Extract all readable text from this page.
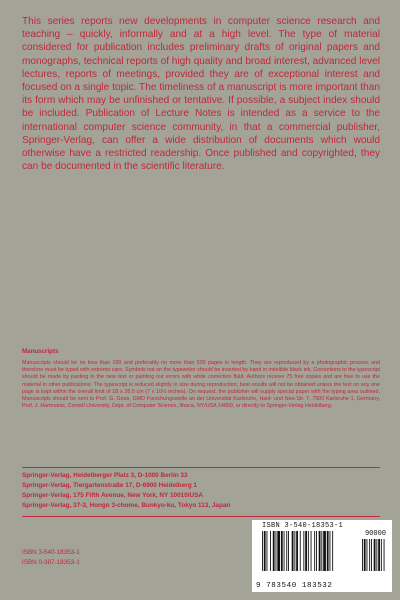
This series reports new developments in computer science research and teaching – quickly, informally and at a high level. The type of material considered for publication includes preliminary drafts of original papers and monographs, technical reports of high quality and broad interest, advanced level lectures, reports of meetings, provided they are of exceptional interest and focused on a single topic. The timeliness of a manuscript is more important than its form which may be unfinished or tentative. If possible, a subject index should be included. Publication of Lecture Notes is intended as a service to the international computer science community, in that a commercial publisher, Springer-Verlag, can offer a wide distribution of documents which would otherwise have a restricted readership. Once published and copyrighted, they can be documented in the scientific literature.

Manuscripts

Manuscripts should be no less than 100 and preferably no more than 500 pages in length. They are reproduced by a photographic process and therefore must be typed with extreme care. Symbols not on the typewriter should be inserted by hand in indelible black ink. Corrections to the typescript should be made by pasting in the new text or painting out errors with white correction fluid. Authors receive 75 free copies and are free to use the material in other publications. The typescript is reduced slightly in size during reproduction; best results will not be obtained unless the text on any one page is kept within the overall limit of 18 x 26.5 cm (7 x 10½ inches). On request, the publisher will supply special paper with the typing area outlined. Manuscripts should be sent to Prof. G. Goos, GMD Forschungsstelle an der Universität Karlsruhe, Haid- und Neu-Str. 7, 7500 Karlsruhe 1, Germany, Prof. J. Hartmanis, Cornell University, Dept. of Computer Science, Ithaca, NY/USA 14850, or directly to Springer-Verlag Heidelberg.

Springer-Verlag, Heidelberger Platz 3, D-1000 Berlin 33
Springer-Verlag, Tiergartenstraße 17, D-6900 Heidelberg 1
Springer-Verlag, 175 Fifth Avenue, New York, NY 10010/USA
Springer-Verlag, 37-3, Hongo 3-chome, Bunkyo-ku, Tokyo 113, Japan
ISBN 3-540-18353-1
ISBN 0-387-18353-1
ISBN 3-540-18353-1
90000
9 783540 183532
